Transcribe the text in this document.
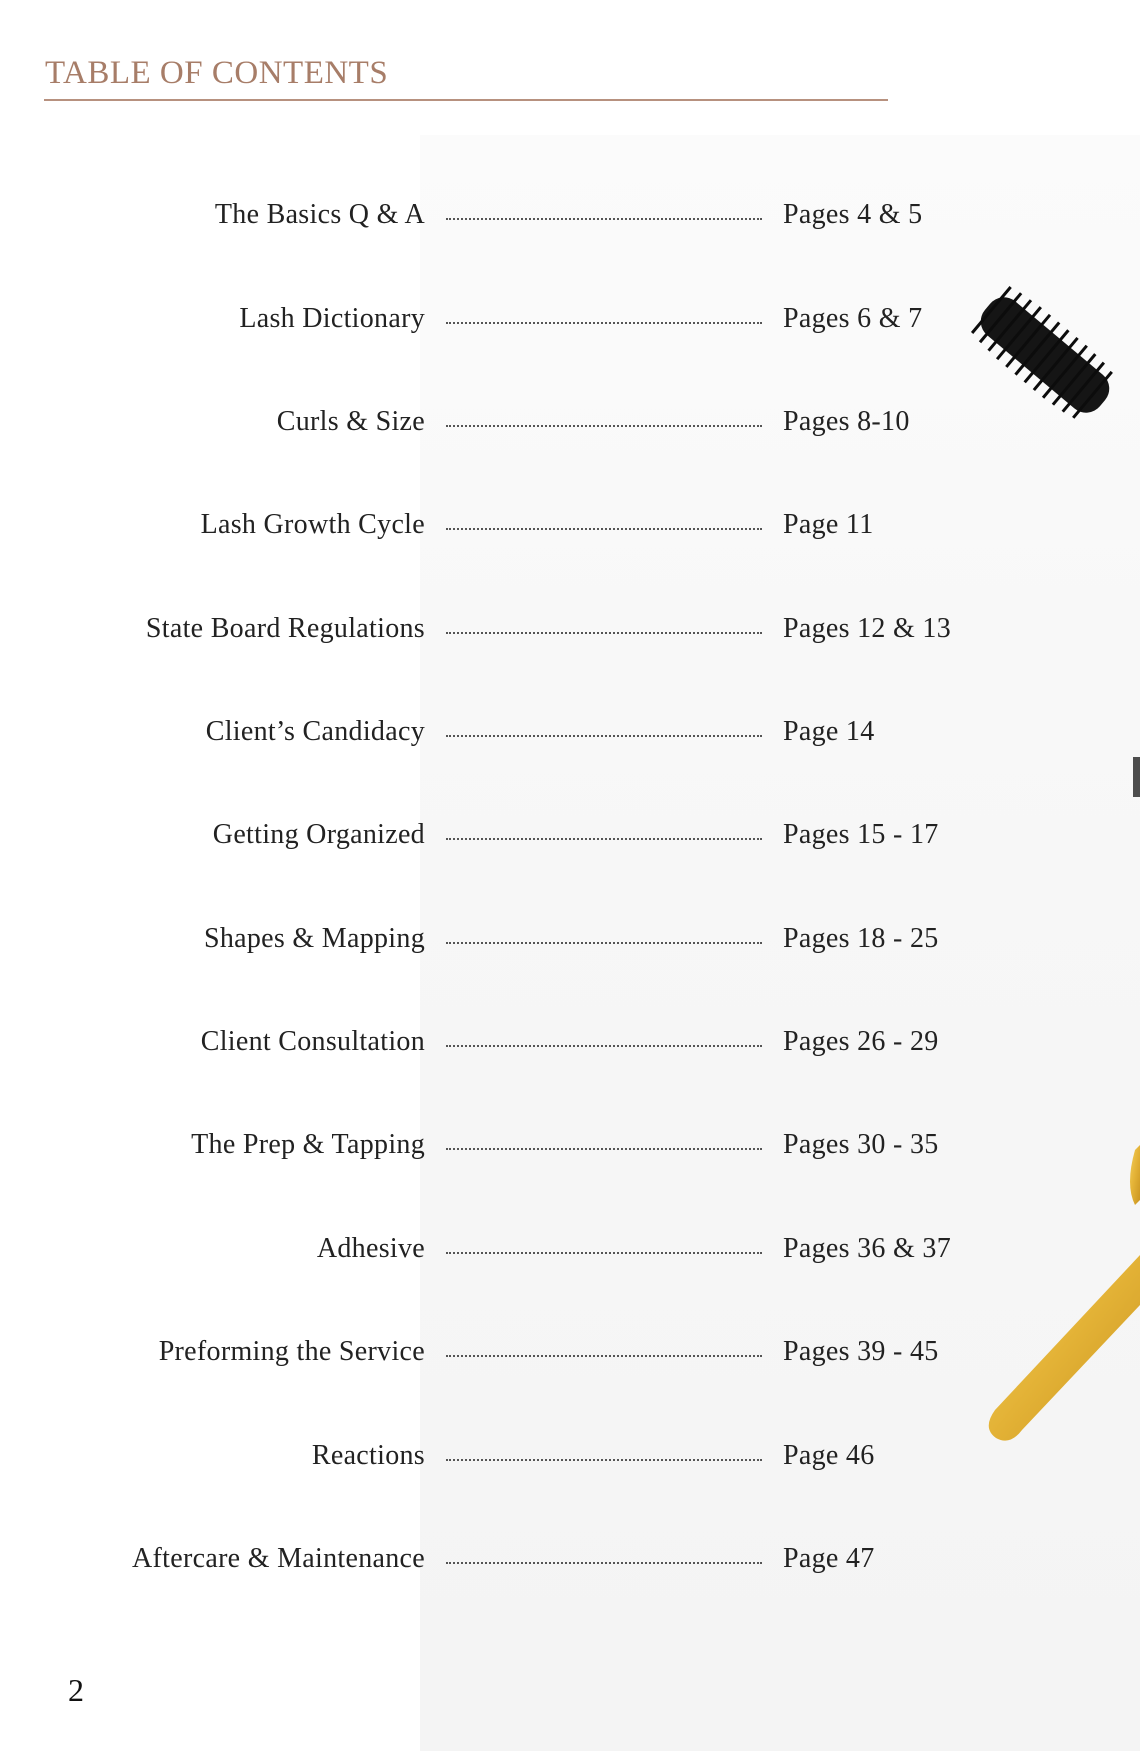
TABLE OF CONTENTS
The Basics Q & A	Pages 4 & 5
Lash Dictionary	Pages 6 & 7
Curls & Size	Pages 8-10
Lash Growth Cycle	Page 11
State Board Regulations	Pages 12 & 13
Client’s Candidacy	Page 14
Getting Organized	Pages 15 - 17
Shapes & Mapping	Pages 18 - 25
Client Consultation	Pages 26 - 29
The Prep & Tapping	Pages 30 - 35
Adhesive	Pages 36 & 37
Preforming the Service	Pages 39 - 45
Reactions	Page 46
Aftercare & Maintenance	Page 47
2
